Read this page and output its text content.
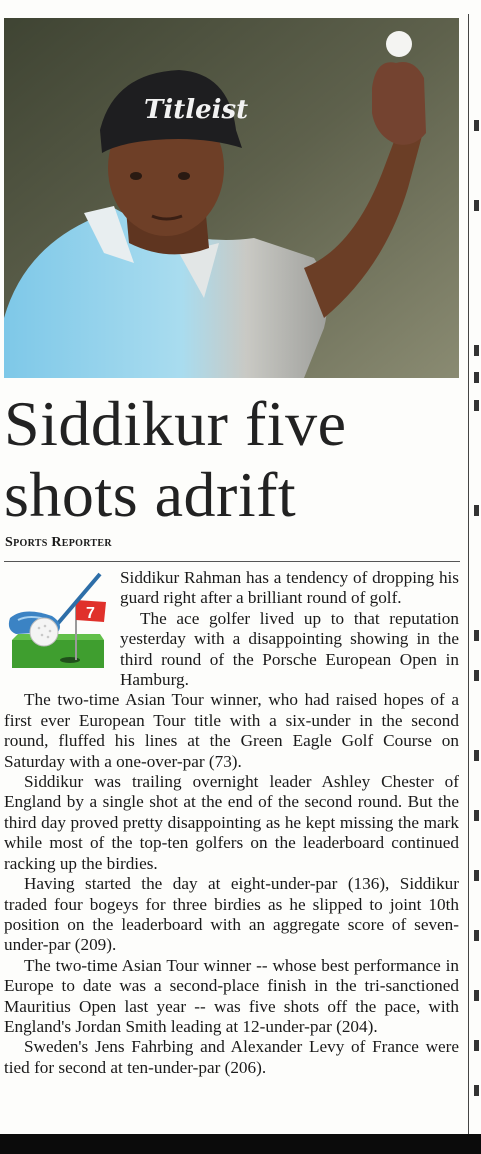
Titleist
Siddikur five shots adrift
Sports Reporter
7

Siddikur Rahman has a tendency of dropping his guard right after a brilliant round of golf.

The ace golfer lived up to that reputation yesterday with a disappointing showing in the third round of the Porsche European Open in Hamburg.

The two-time Asian Tour winner, who had raised hopes of a first ever European Tour title with a six-under in the second round, fluffed his lines at the Green Eagle Golf Course on Saturday with a one-over-par (73).

Siddikur was trailing overnight leader Ashley Chester of England by a single shot at the end of the second round. But the third day proved pretty disappointing as he kept missing the mark while most of the top-ten golfers on the leaderboard continued racking up the birdies.

Having started the day at eight-under-par (136), Siddikur traded four bogeys for three birdies as he slipped to joint 10th position on the leaderboard with an aggregate score of seven-under-par (209).

The two-time Asian Tour winner -- whose best performance in Europe to date was a second-place finish in the tri-sanctioned Mauritius Open last year -- was five shots off the pace, with England's Jordan Smith leading at 12-under-par (204).

Sweden's Jens Fahrbing and Alexander Levy of France were tied for second at ten-under-par (206).
